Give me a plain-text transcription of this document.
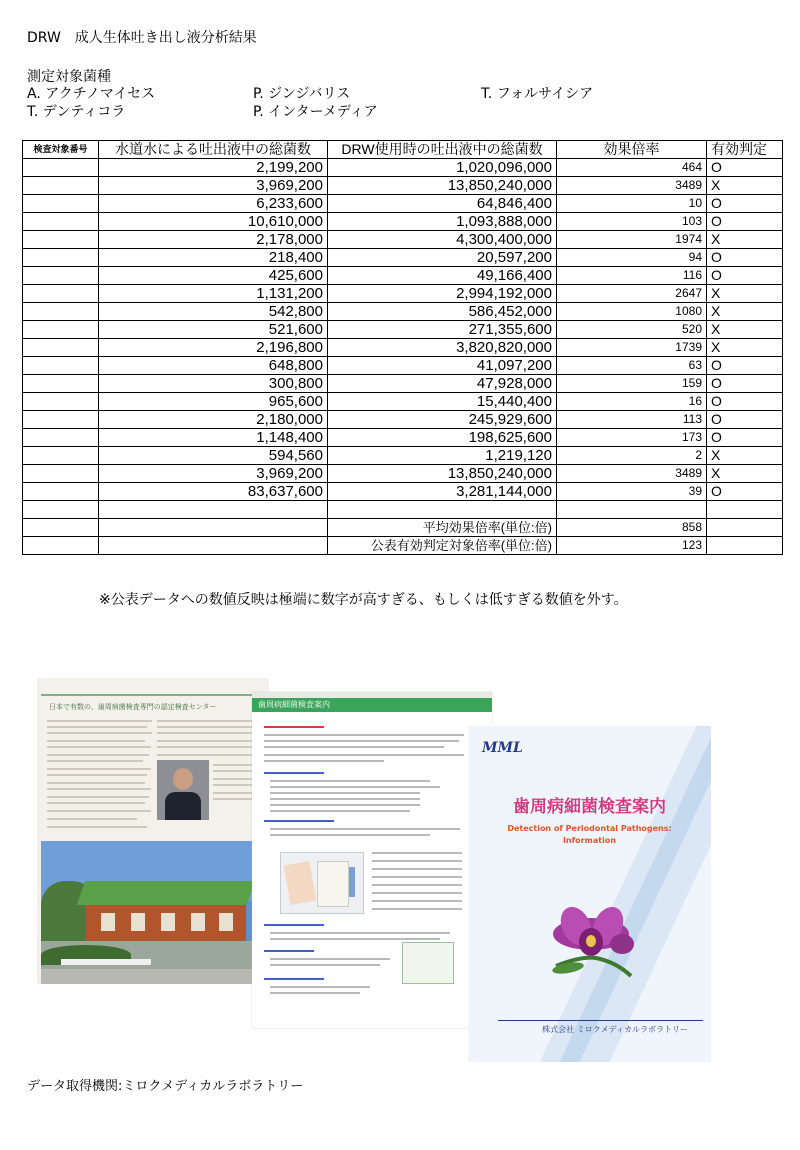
DRW　成人生体吐き出し液分析結果
測定対象菌種
A. アクチノマイセス	P. ジンジバリス	T. フォルサイシア
T. デンティコラ	P. インターメディア
検査対象番号	水道水による吐出液中の総菌数	DRW使用時の吐出液中の総菌数	効果倍率	有効判定
	2,199,200	1,020,096,000	464	O
	3,969,200	13,850,240,000	3489	X
	6,233,600	64,846,400	10	O
	10,610,000	1,093,888,000	103	O
	2,178,000	4,300,400,000	1974	X
	218,400	20,597,200	94	O
	425,600	49,166,400	116	O
	1,131,200	2,994,192,000	2647	X
	542,800	586,452,000	1080	X
	521,600	271,355,600	520	X
	2,196,800	3,820,820,000	1739	X
	648,800	41,097,200	63	O
	300,800	47,928,000	159	O
	965,600	15,440,400	16	O
	2,180,000	245,929,600	113	O
	1,148,400	198,625,600	173	O
	594,560	1,219,120	2	X
	3,969,200	13,850,240,000	3489	X
	83,637,600	3,281,144,000	39	O

		平均効果倍率(単位:倍)	858	
		公表有効判定対象倍率(単位:倍)	123	
※公表データへの数値反映は極端に数字が高すぎる、もしくは低すぎる数値を外す。
日本で有数の、歯周病菌検査専門の認定検査センター	歯周病細菌検査案内
MML
歯周病細菌検査案内
Detection of Periodontal Pathogens:
Information
株式会社 ミロクメディカルラボラトリー
データ取得機関:ミロクメディカルラボラトリー
